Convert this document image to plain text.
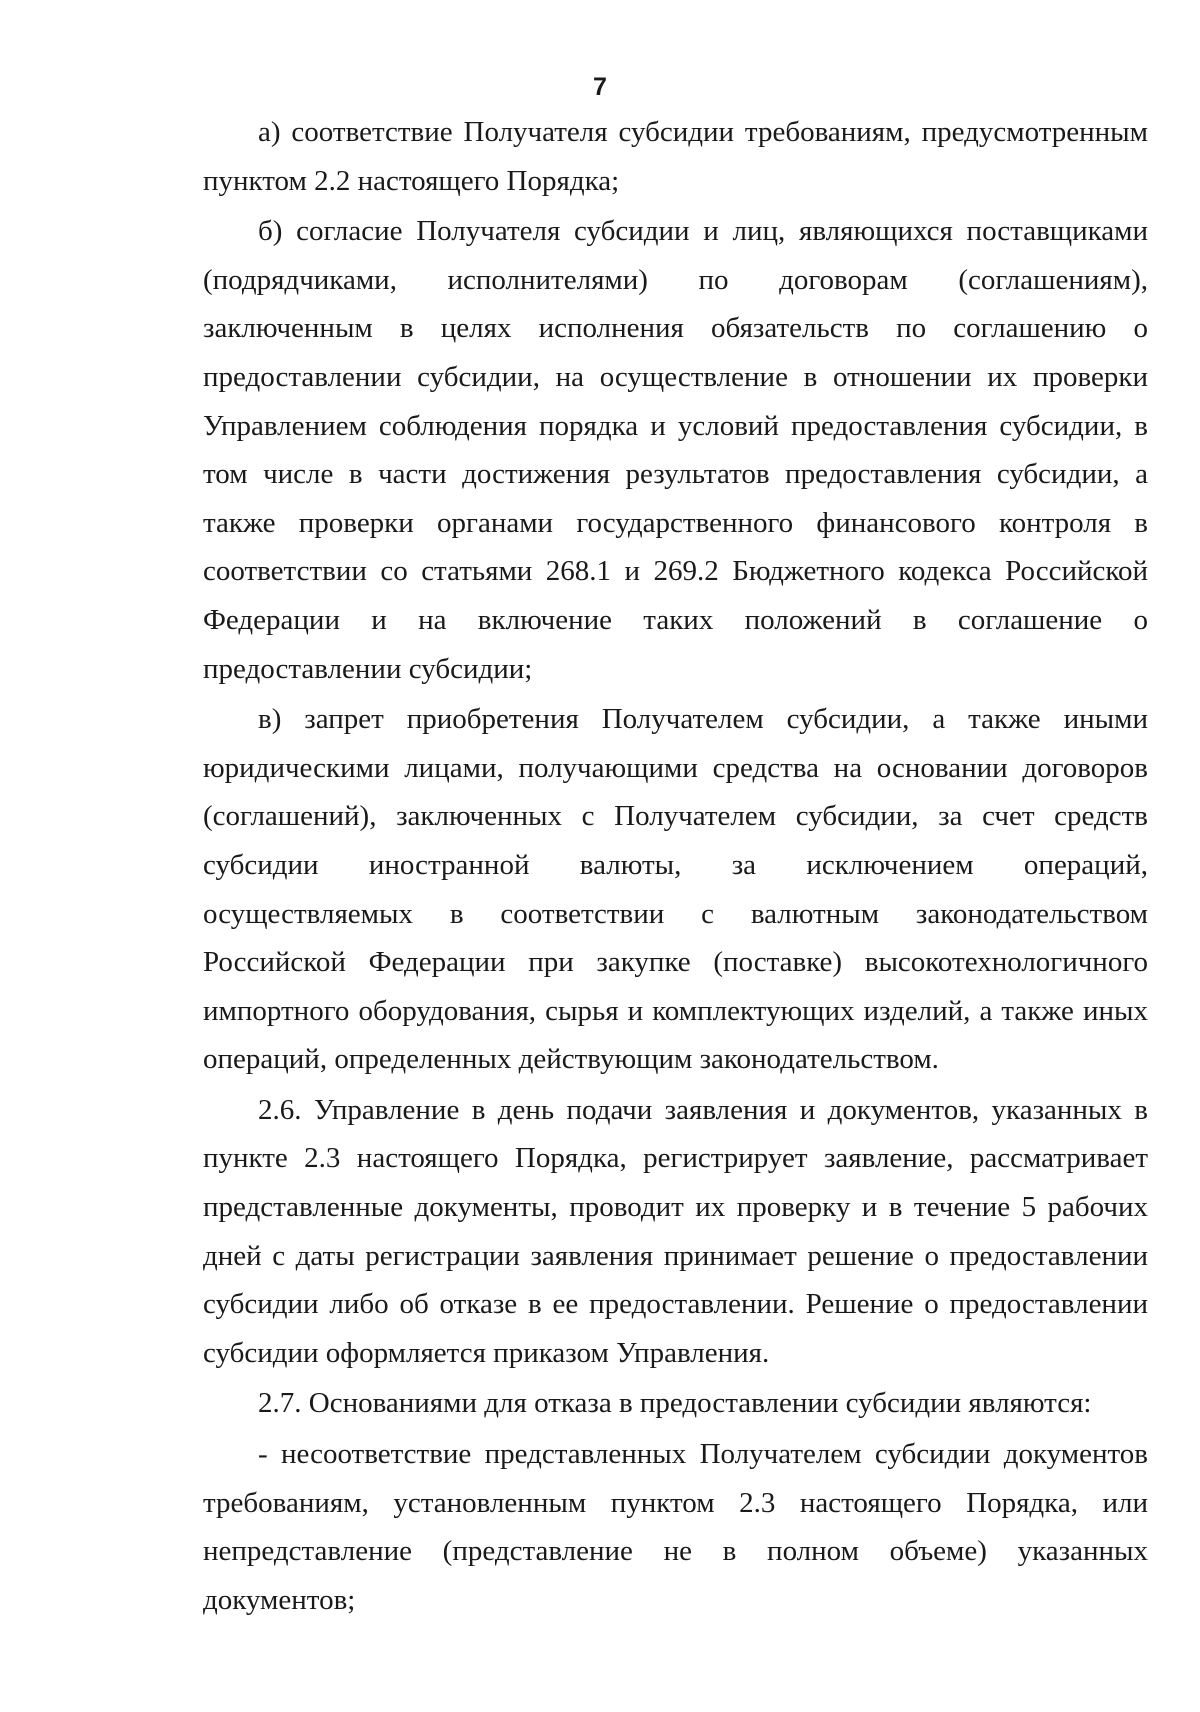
7

а) соответствие Получателя субсидии требованиям, предусмотренным пунктом 2.2 настоящего Порядка;

б) согласие Получателя субсидии и лиц, являющихся поставщиками (подрядчиками, исполнителями) по договорам (соглашениям), заключенным в целях исполнения обязательств по соглашению о предоставлении субсидии, на осуществление в отношении их проверки Управлением соблюдения порядка и условий предоставления субсидии, в том числе в части достижения результатов предоставления субсидии, а также проверки органами государственного финансового контроля в соответствии со статьями 268.1 и 269.2 Бюджетного кодекса Российской Федерации и на включение таких положений в соглашение о предоставлении субсидии;

в) запрет приобретения Получателем субсидии, а также иными юридическими лицами, получающими средства на основании договоров (соглашений), заключенных с Получателем субсидии, за счет средств субсидии иностранной валюты, за исключением операций, осуществляемых в соответствии с валютным законодательством Российской Федерации при закупке (поставке) высокотехнологичного импортного оборудования, сырья и комплектующих изделий, а также иных операций, определенных действующим законодательством.

2.6. Управление в день подачи заявления и документов, указанных в пункте 2.3 настоящего Порядка, регистрирует заявление, рассматривает представленные документы, проводит их проверку и в течение 5 рабочих дней с даты регистрации заявления принимает решение о предоставлении субсидии либо об отказе в ее предоставлении. Решение о предоставлении субсидии оформляется приказом Управления.

2.7. Основаниями для отказа в предоставлении субсидии являются:

- несоответствие представленных Получателем субсидии документов требованиям, установленным пунктом 2.3 настоящего Порядка, или непредставление (представление не в полном объеме) указанных документов;
